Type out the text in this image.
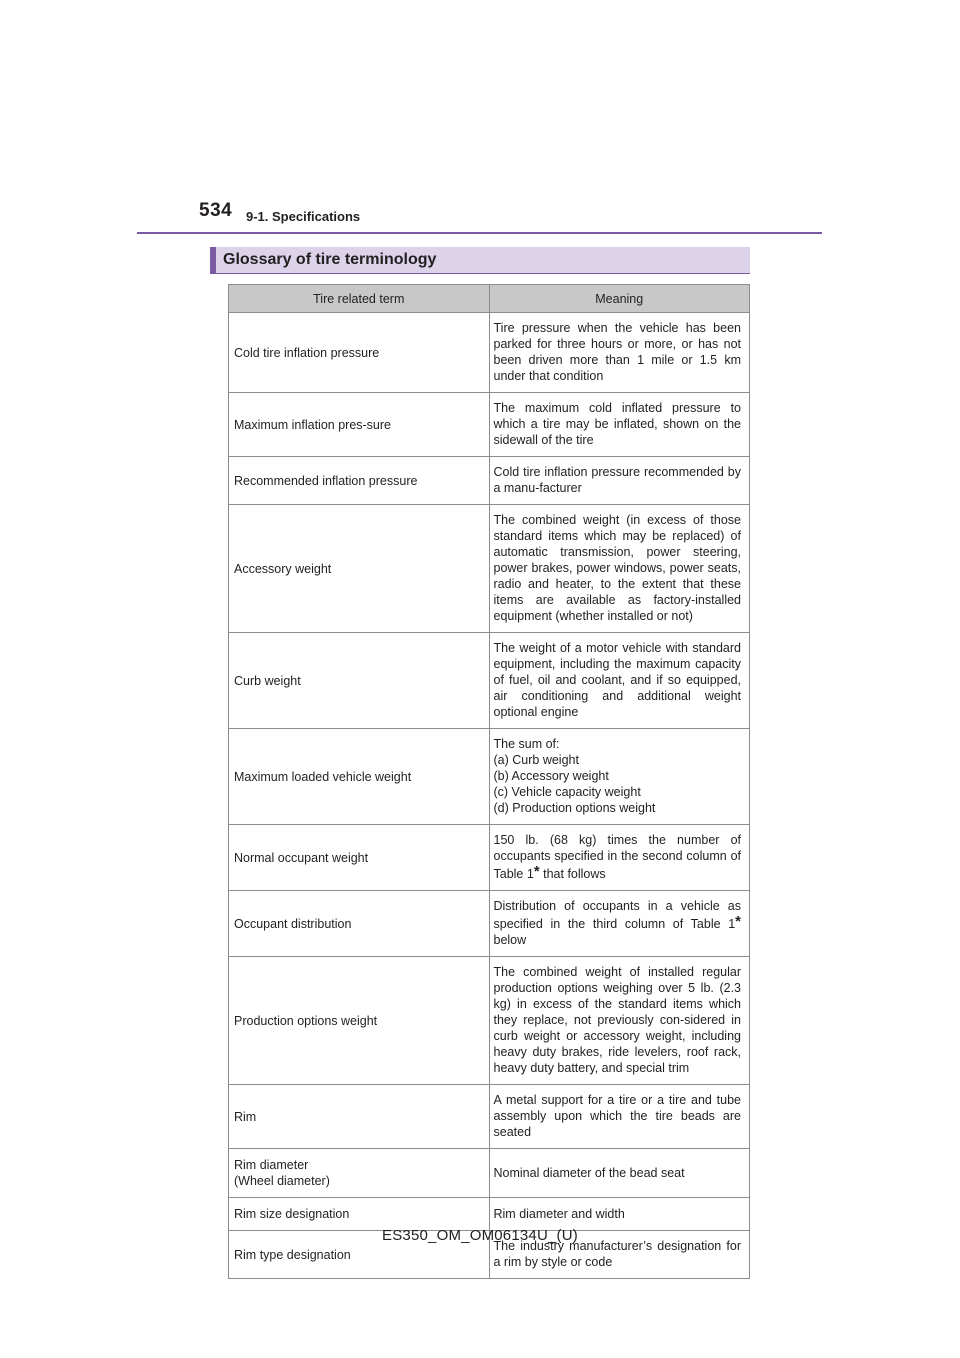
534 9-1. Specifications
Glossary of tire terminology
Tire related term	Meaning
Cold tire inflation pressure	Tire pressure when the vehicle has been parked for three hours or more, or has not been driven more than 1 mile or 1.5 km under that condition
Maximum inflation pres-sure	The maximum cold inflated pressure to which a tire may be inflated, shown on the sidewall of the tire
Recommended inflation pressure	Cold tire inflation pressure recommended by a manu-facturer
Accessory weight	The combined weight (in excess of those standard items which may be replaced) of automatic transmission, power steering, power brakes, power windows, power seats, radio and heater, to the extent that these items are available as factory-installed equipment (whether installed or not)
Curb weight	The weight of a motor vehicle with standard equipment, including the maximum capacity of fuel, oil and coolant, and if so equipped, air conditioning and additional weight optional engine
Maximum loaded vehicle weight	The sum of:
(a) Curb weight
(b) Accessory weight
(c) Vehicle capacity weight
(d) Production options weight

Normal occupant weight	150 lb. (68 kg) times the number of occupants specified in the second column of Table 1* that follows
Occupant distribution	Distribution of occupants in a vehicle as specified in the third column of Table 1* below
Production options weight	The combined weight of installed regular production options weighing over 5 lb. (2.3 kg) in excess of the standard items which they replace, not previously con-sidered in curb weight or accessory weight, including heavy duty brakes, ride levelers, roof rack, heavy duty battery, and special trim
Rim	A metal support for a tire or a tire and tube assembly upon which the tire beads are seated

Rim diameter
(Wheel diameter)	Nominal diameter of the bead seat
Rim size designation	Rim diameter and width
Rim type designation	The industry manufacturer’s designation for a rim by style or code
ES350_OM_OM06134U_(U)
